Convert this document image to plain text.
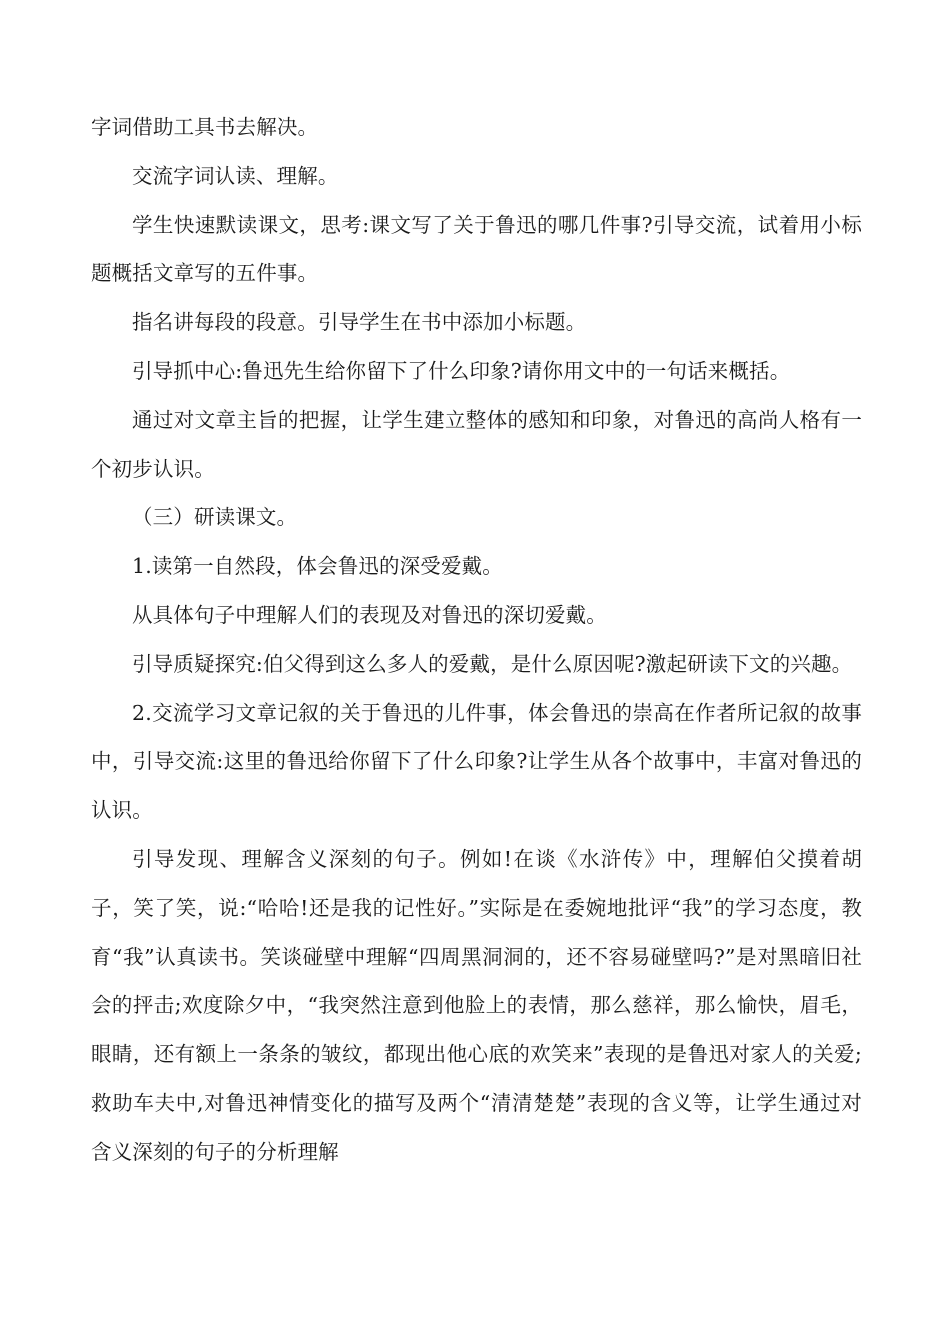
字词借助工具书去解决。

交流字词认读、理解。

学生快速默读课文，思考:课文写了关于鲁迅的哪几件事?引导交流，试着用小标题概括文章写的五件事。

指名讲每段的段意。引导学生在书中添加小标题。

引导抓中心:鲁迅先生给你留下了什么印象?请你用文中的一句话来概括。

通过对文章主旨的把握，让学生建立整体的感知和印象，对鲁迅的高尚人格有一个初步认识。

（三）研读课文。

1.读第一自然段，体会鲁迅的深受爱戴。

从具体句子中理解人们的表现及对鲁迅的深切爱戴。

引导质疑探究:伯父得到这么多人的爱戴，是什么原因呢?激起研读下文的兴趣。

2.交流学习文章记叙的关于鲁迅的儿件事，体会鲁迅的崇高在作者所记叙的故事中，引导交流:这里的鲁迅给你留下了什么印象?让学生从各个故事中，丰富对鲁迅的认识。

引导发现、理解含义深刻的句子。例如!在谈《水浒传》中，理解伯父摸着胡子，笑了笑，说:“哈哈!还是我的记性好。”实际是在委婉地批评“我”的学习态度，教育“我”认真读书。笑谈碰壁中理解“四周黑洞洞的，还不容易碰壁吗?”是对黑暗旧社会的抨击;欢度除夕中，“我突然注意到他脸上的表情，那么慈祥，那么愉快，眉毛，眼睛，还有额上一条条的皱纹，都现出他心底的欢笑来”表现的是鲁迅对家人的关爱;救助车夫中,对鲁迅神情变化的描写及两个“清清楚楚”表现的含义等，让学生通过对含义深刻的句子的分析理解
